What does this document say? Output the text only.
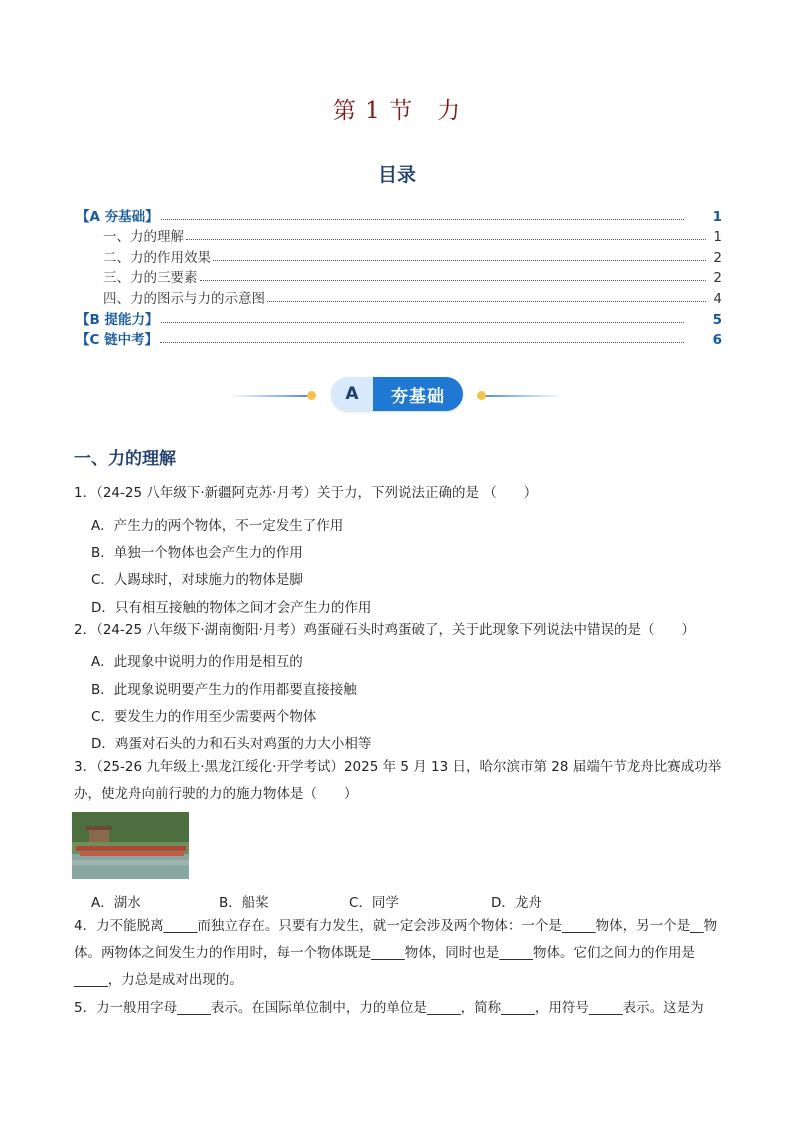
第 1 节　力
目录
【A 夯基础】	1
一、力的理解	1
二、力的作用效果	2
三、力的三要素	2
四、力的图示与力的示意图	4
【B 提能力】	5
【C 链中考】	6
A	夯基础
一、力的理解
1．（24-25 八年级下·新疆阿克苏·月考）关于力，下列说法正确的是 （　　）
A．产生力的两个物体，不一定发生了作用
B．单独一个物体也会产生力的作用
C．人踢球时，对球施力的物体是脚
D．只有相互接触的物体之间才会产生力的作用
2．（24-25 八年级下·湖南衡阳·月考）鸡蛋碰石头时鸡蛋破了，关于此现象下列说法中错误的是（　　）
A．此现象中说明力的作用是相互的
B．此现象说明要产生力的作用都要直接接触
C．要发生力的作用至少需要两个物体
D．鸡蛋对石头的力和石头对鸡蛋的力大小相等
3．（25-26 九年级上·黑龙江绥化·开学考试）2025 年 5 月 13 日，哈尔滨市第 28 届端午节龙舟比赛成功举办，使龙舟向前行驶的力的施力物体是（　　）
A．湖水	B．船桨	C．同学	D．龙舟
4．力不能脱离_____而独立存在。只要有力发生，就一定会涉及两个物体：一个是_____物体，另一个是__物体。两物体之间发生力的作用时，每一个物体既是_____物体，同时也是_____物体。它们之间力的作用是_____，力总是成对出现的。
5．力一般用字母_____表示。在国际单位制中，力的单位是_____，简称_____，用符号_____表示。这是为
